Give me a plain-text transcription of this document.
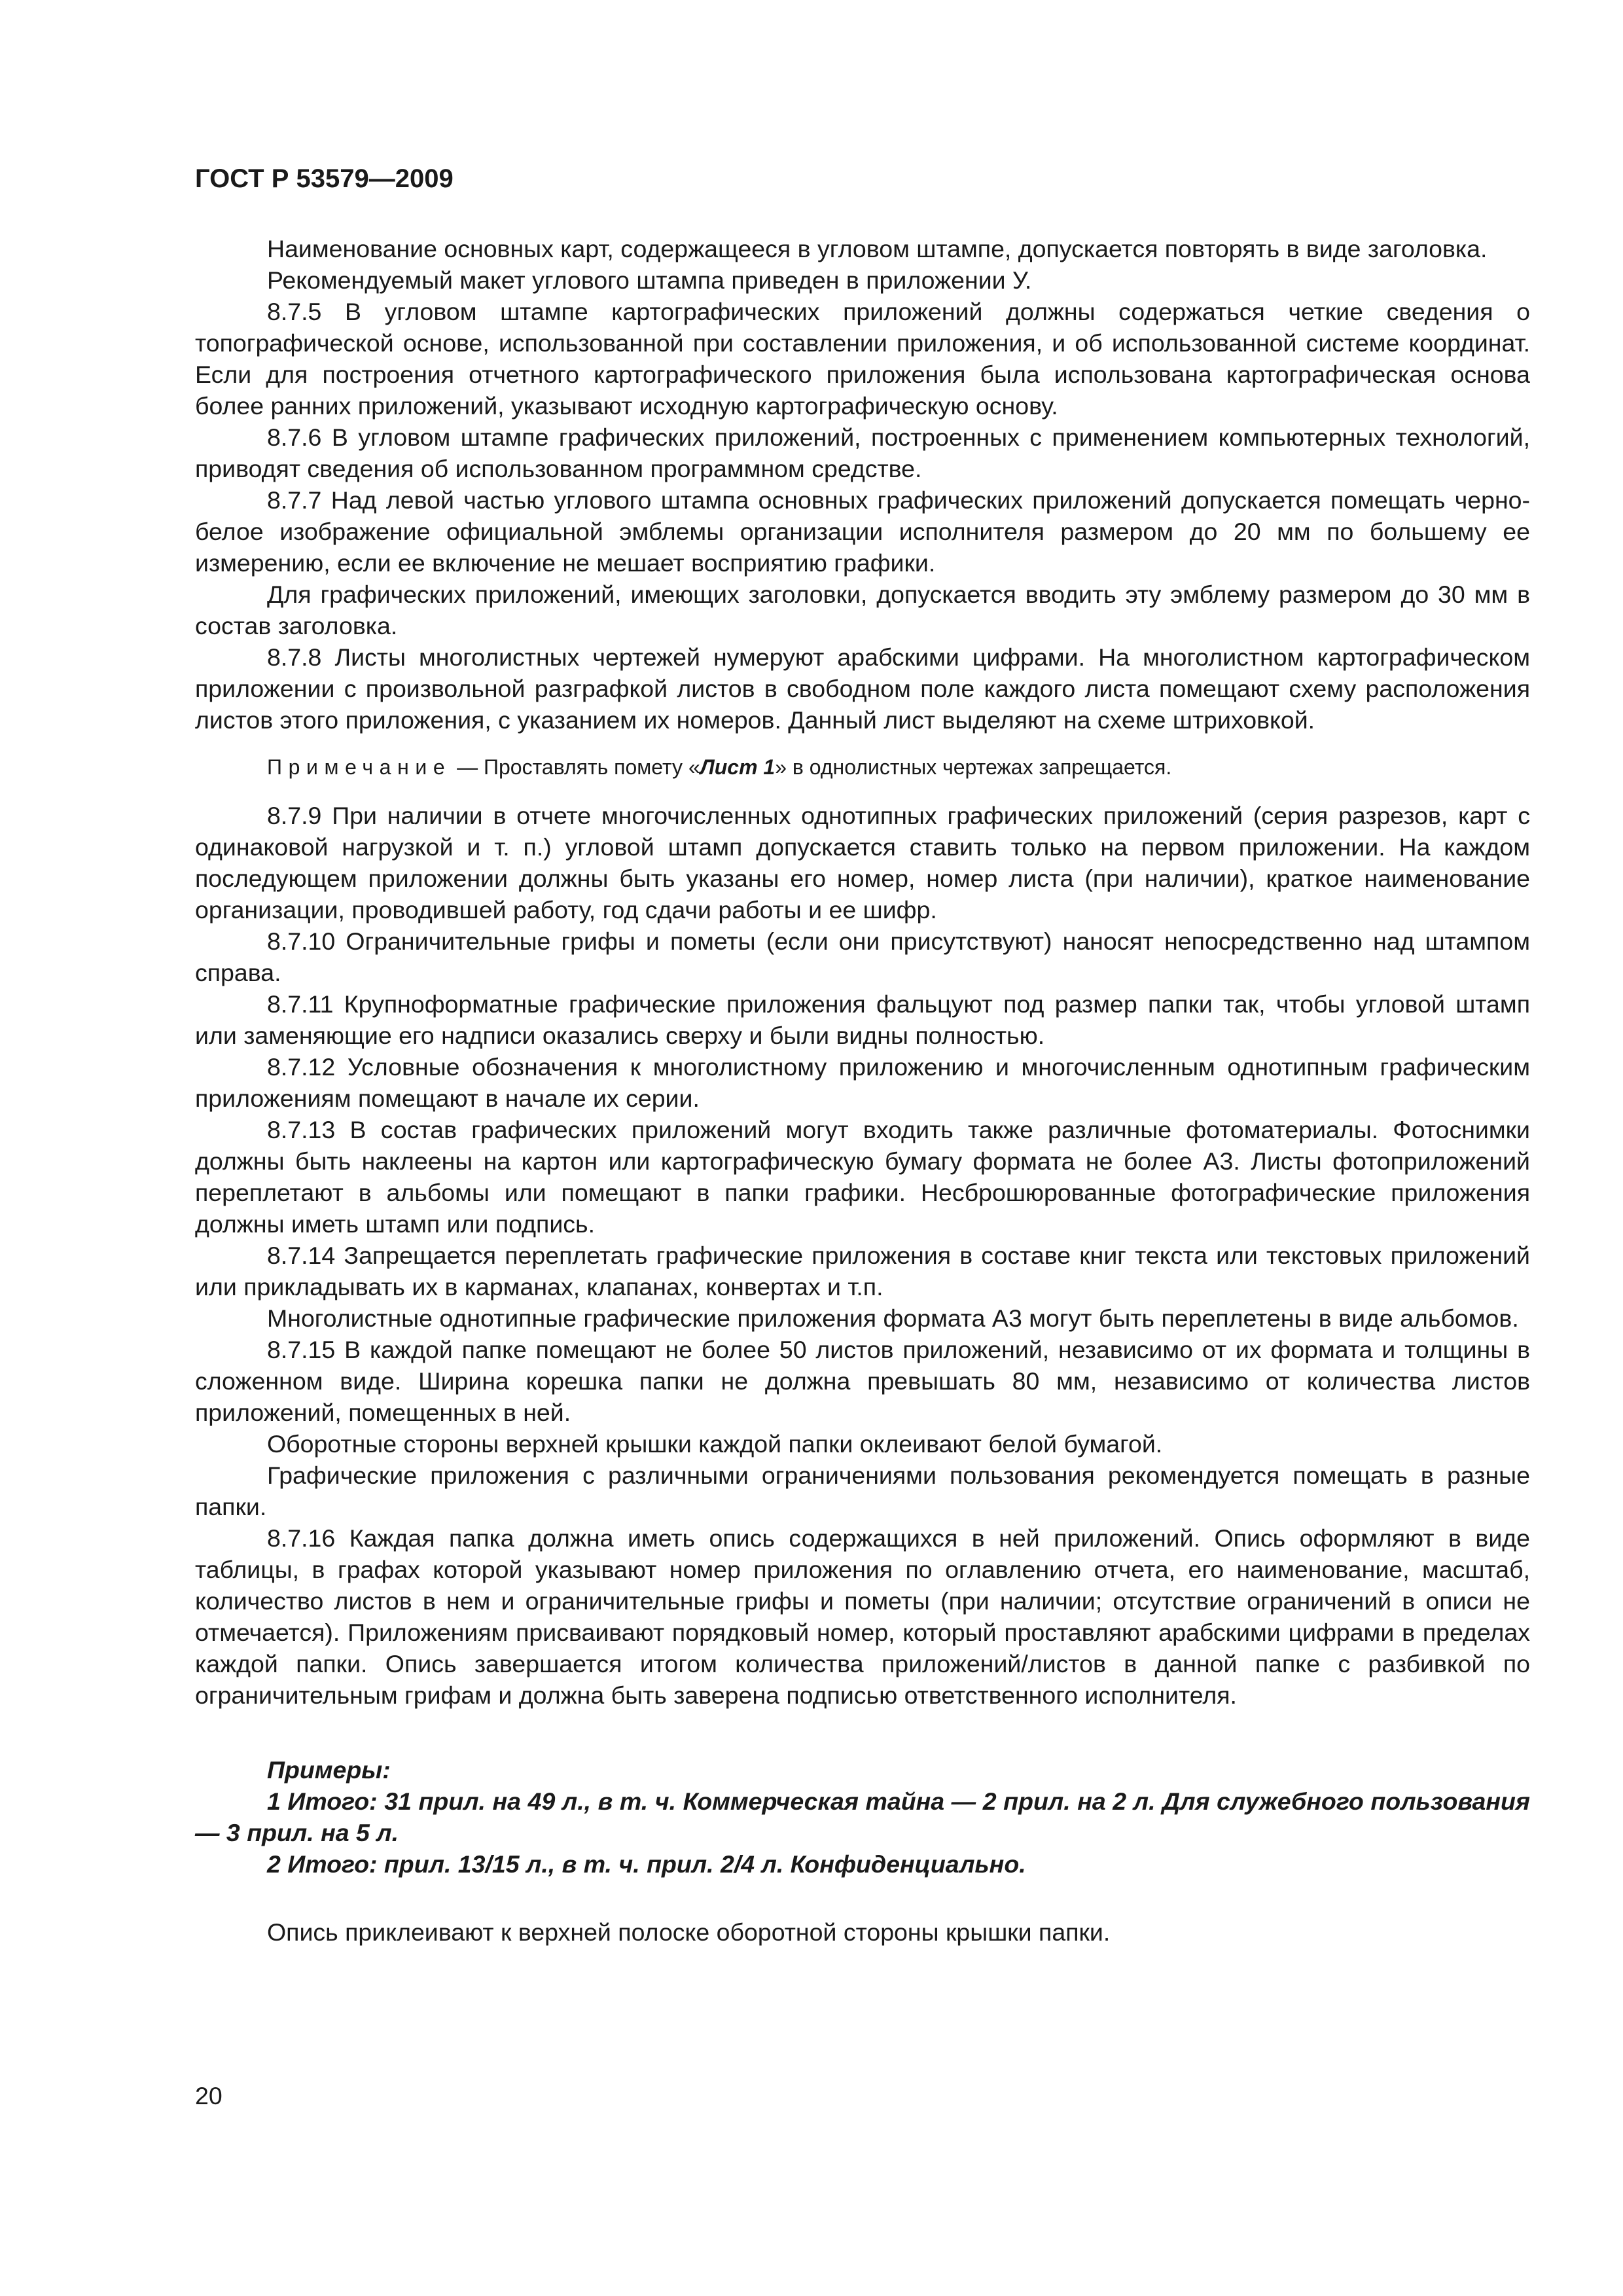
ГОСТ Р 53579—2009

Наименование основных карт, содержащееся в угловом штампе, допускается повторять в виде заголовка.

Рекомендуемый макет углового штампа приведен в приложении У.

8.7.5 В угловом штампе картографических приложений должны содержаться четкие сведения о топографической основе, использованной при составлении приложения, и об использованной системе координат. Если для построения отчетного картографического приложения была использована картографическая основа более ранних приложений, указывают исходную картографическую основу.

8.7.6 В угловом штампе графических приложений, построенных с применением компьютерных технологий, приводят сведения об использованном программном средстве.

8.7.7 Над левой частью углового штампа основных графических приложений допускается помещать черно-белое изображение официальной эмблемы организации исполнителя размером до 20 мм по большему ее измерению, если ее включение не мешает восприятию графики.

Для графических приложений, имеющих заголовки, допускается вводить эту эмблему размером до 30 мм в состав заголовка.

8.7.8 Листы многолистных чертежей нумеруют арабскими цифрами. На многолистном картографическом приложении с произвольной разграфкой листов в свободном поле каждого листа помещают схему расположения листов этого приложения, с указанием их номеров. Данный лист выделяют на схеме штриховкой.

Примечание — Проставлять помету «Лист 1» в однолистных чертежах запрещается.

8.7.9 При наличии в отчете многочисленных однотипных графических приложений (серия разрезов, карт с одинаковой нагрузкой и т. п.) угловой штамп допускается ставить только на первом приложении. На каждом последующем приложении должны быть указаны его номер, номер листа (при наличии), краткое наименование организации, проводившей работу, год сдачи работы и ее шифр.

8.7.10 Ограничительные грифы и пометы (если они присутствуют) наносят непосредственно над штампом справа.

8.7.11 Крупноформатные графические приложения фальцуют под размер папки так, чтобы угловой штамп или заменяющие его надписи оказались сверху и были видны полностью.

8.7.12 Условные обозначения к многолистному приложению и многочисленным однотипным графическим приложениям помещают в начале их серии.

8.7.13 В состав графических приложений могут входить также различные фотоматериалы. Фотоснимки должны быть наклеены на картон или картографическую бумагу формата не более А3. Листы фотоприложений переплетают в альбомы или помещают в папки графики. Несброшюрованные фотографические приложения должны иметь штамп или подпись.

8.7.14 Запрещается переплетать графические приложения в составе книг текста или текстовых приложений или прикладывать их в карманах, клапанах, конвертах и т.п.

Многолистные однотипные графические приложения формата А3 могут быть переплетены в виде альбомов.

8.7.15 В каждой папке помещают не более 50 листов приложений, независимо от их формата и толщины в сложенном виде. Ширина корешка папки не должна превышать 80 мм, независимо от количества листов приложений, помещенных в ней.

Оборотные стороны верхней крышки каждой папки оклеивают белой бумагой.

Графические приложения с различными ограничениями пользования рекомендуется помещать в разные папки.

8.7.16 Каждая папка должна иметь опись содержащихся в ней приложений. Опись оформляют в виде таблицы, в графах которой указывают номер приложения по оглавлению отчета, его наименование, масштаб, количество листов в нем и ограничительные грифы и пометы (при наличии; отсутствие ограничений в описи не отмечается). Приложениям присваивают порядковый номер, который проставляют арабскими цифрами в пределах каждой папки. Опись завершается итогом количества приложений/листов в данной папке с разбивкой по ограничительным грифам и должна быть заверена подписью ответственного исполнителя.

Примеры:

1 Итого: 31 прил. на 49 л., в т. ч. Коммерческая тайна — 2 прил. на 2 л. Для служебного пользования — 3 прил. на 5 л.

2 Итого: прил. 13/15 л., в т. ч. прил. 2/4 л. Конфиденциально.

Опись приклеивают к верхней полоске оборотной стороны крышки папки.

20
